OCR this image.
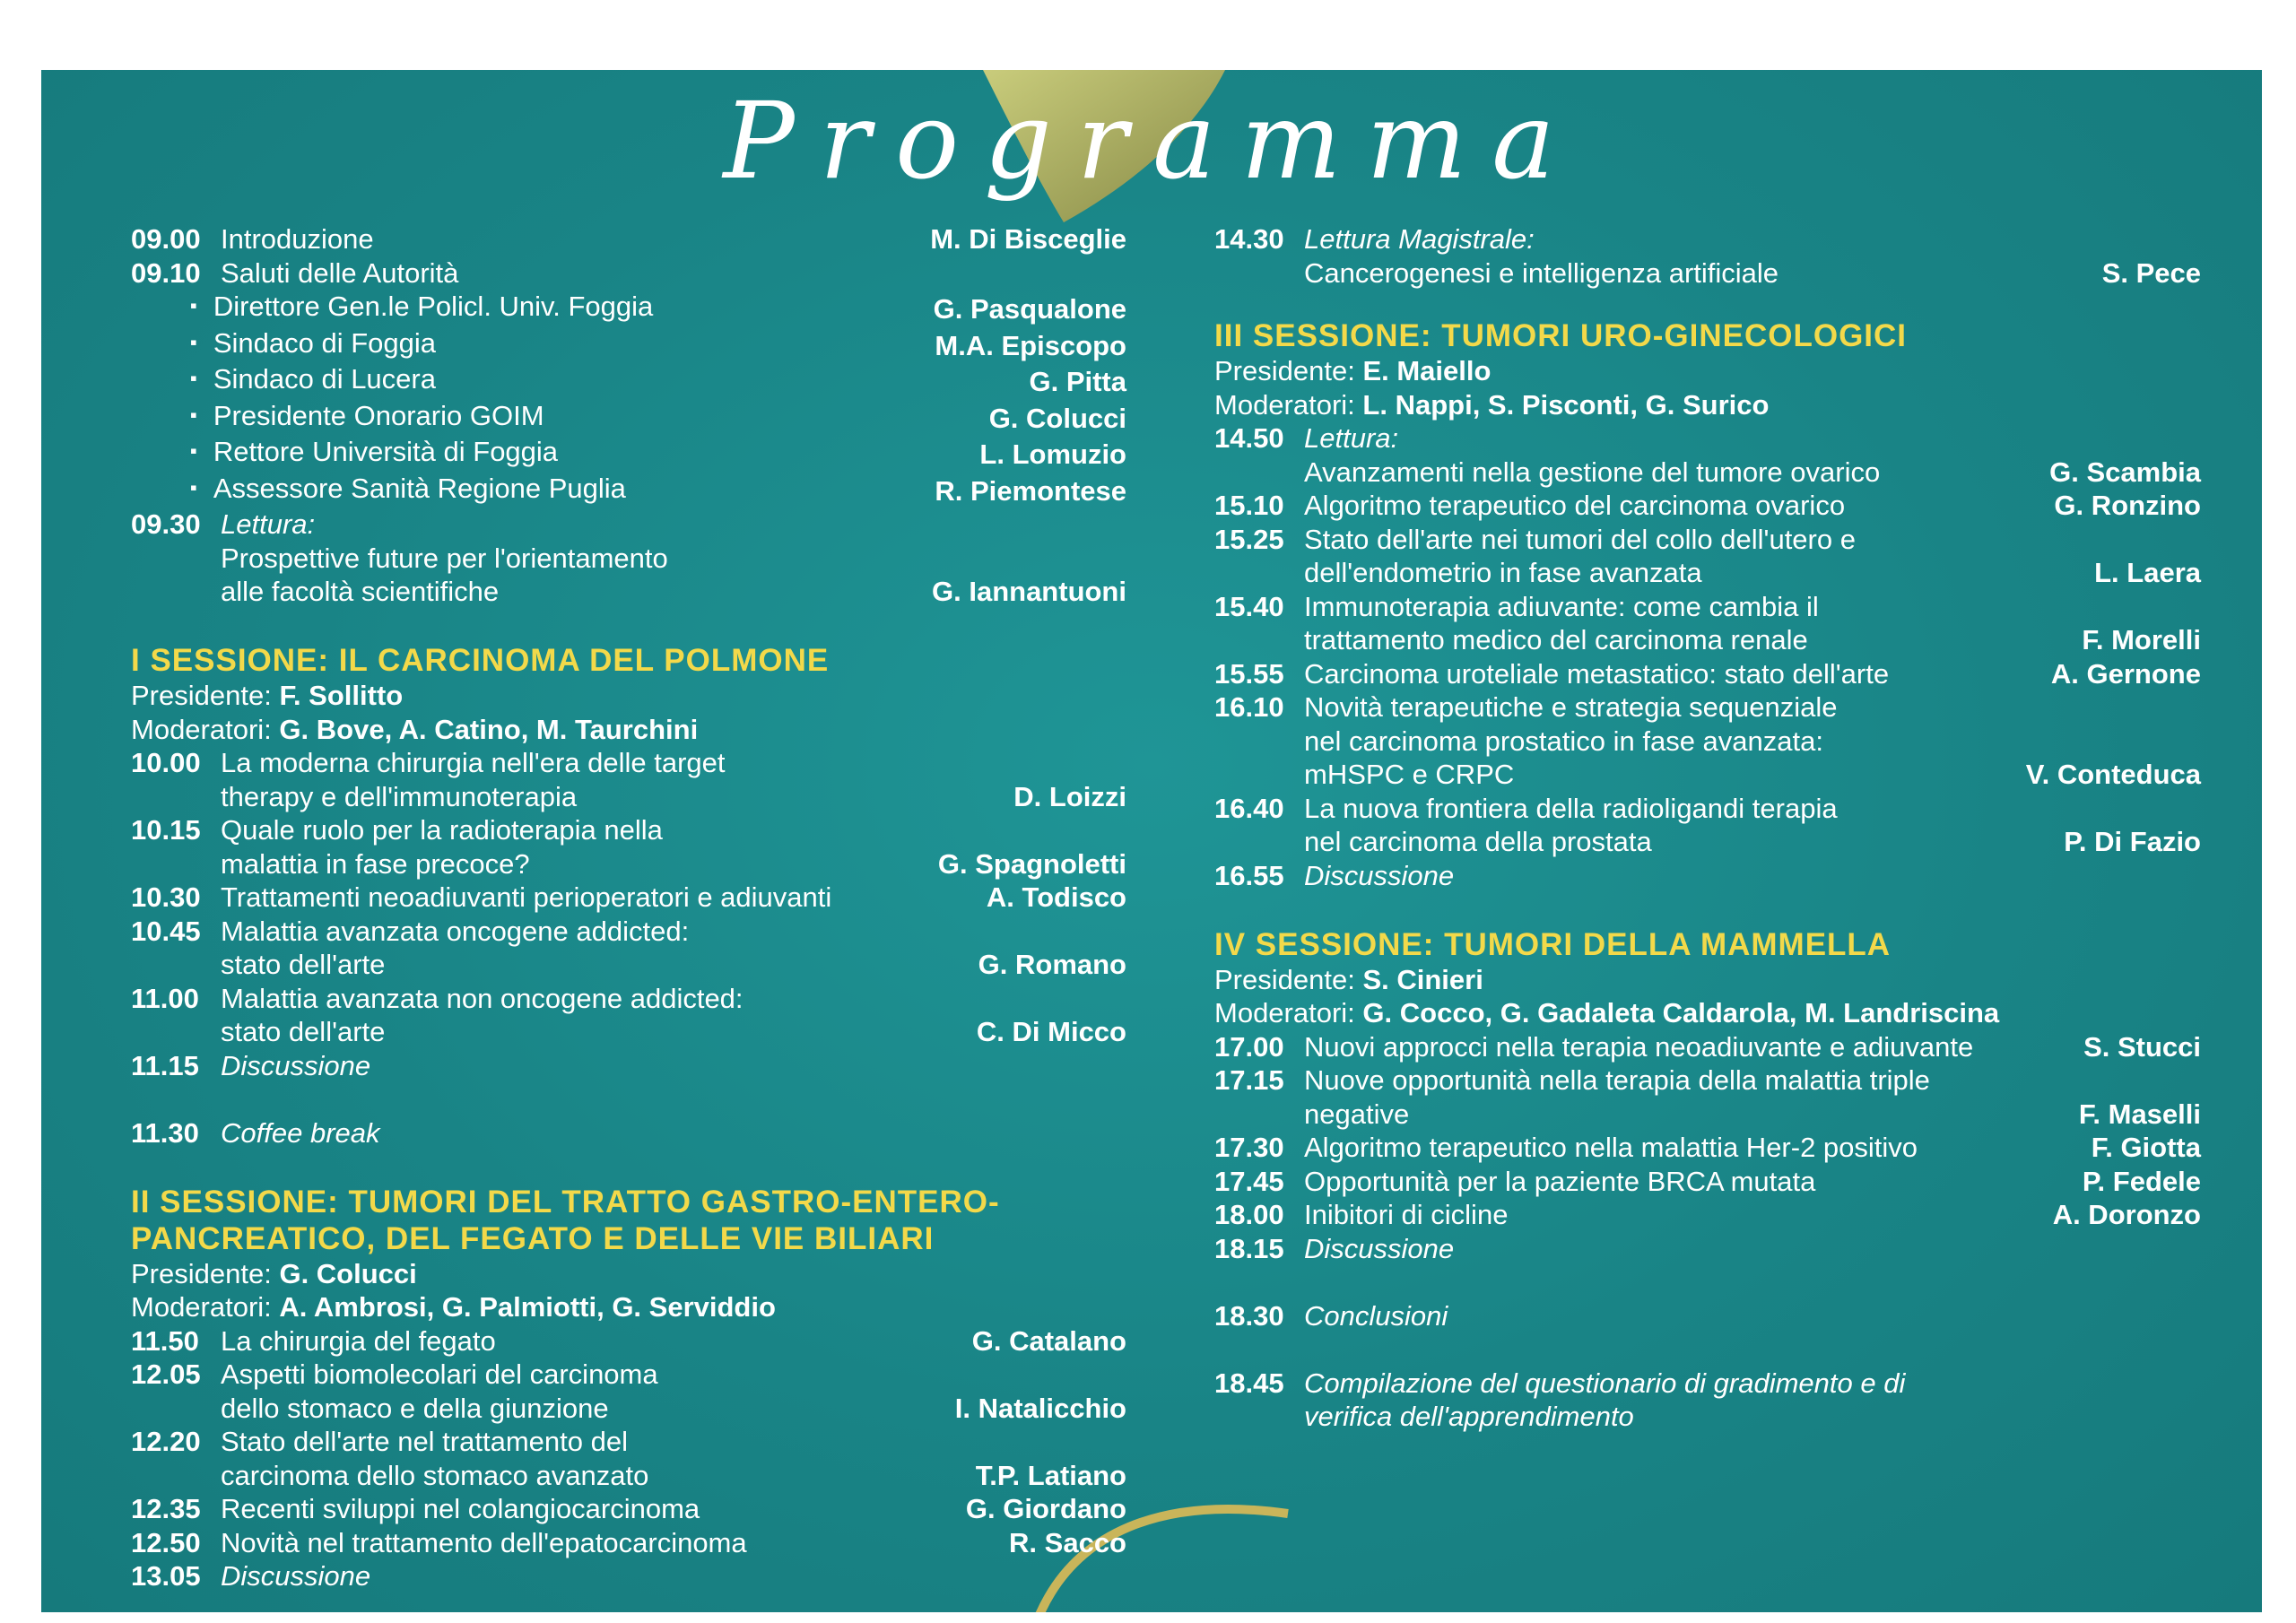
Programma
09.00 Introduzione	M. Di Bisceglie
09.10 Saluti delle Autorità
▪ Direttore Gen.le Policl. Univ. Foggia	G. Pasqualone
▪ Sindaco di Foggia	M.A. Episcopo
▪ Sindaco di Lucera	G. Pitta
▪ Presidente Onorario GOIM	G. Colucci
▪ Rettore Università di Foggia	L. Lomuzio
▪ Assessore Sanità Regione Puglia	R. Piemontese
09.30 Lettura:
Prospettive future per l'orientamento
alle facoltà scientifiche	G. Iannantuoni
I SESSIONE: IL CARCINOMA DEL POLMONE
Presidente: F. Sollitto
Moderatori: G. Bove, A. Catino, M. Taurchini
10.00 La moderna chirurgia nell'era delle target
therapy e dell'immunoterapia	D. Loizzi
10.15 Quale ruolo per la radioterapia nella
malattia in fase precoce?	G. Spagnoletti
10.30 Trattamenti neoadiuvanti perioperatori e adiuvanti	A. Todisco
10.45 Malattia avanzata oncogene addicted:
stato dell'arte	G. Romano
11.00 Malattia avanzata non oncogene addicted:
stato dell'arte	C. Di Micco
11.15 Discussione
11.30 Coffee break
II SESSIONE: TUMORI DEL TRATTO GASTRO-ENTERO-
PANCREATICO, DEL FEGATO E DELLE VIE BILIARI
Presidente: G. Colucci
Moderatori: A. Ambrosi, G. Palmiotti, G. Serviddio
11.50 La chirurgia del fegato	G. Catalano
12.05 Aspetti biomolecolari del carcinoma
dello stomaco e della giunzione	I. Natalicchio
12.20 Stato dell'arte nel trattamento del
carcinoma dello stomaco avanzato	T.P. Latiano
12.35 Recenti sviluppi nel colangiocarcinoma	G. Giordano
12.50 Novità nel trattamento dell'epatocarcinoma	R. Sacco
13.05 Discussione
14.30 Lettura Magistrale:
Cancerogenesi e intelligenza artificiale	S. Pece
III SESSIONE: TUMORI URO-GINECOLOGICI
Presidente: E. Maiello
Moderatori: L. Nappi, S. Pisconti, G. Surico
14.50 Lettura:
Avanzamenti nella gestione del tumore ovarico	G. Scambia
15.10 Algoritmo terapeutico del carcinoma ovarico	G. Ronzino
15.25 Stato dell'arte nei tumori del collo dell'utero e
dell'endometrio in fase avanzata	L. Laera
15.40 Immunoterapia adiuvante: come cambia il
trattamento medico del carcinoma renale	F. Morelli
15.55 Carcinoma uroteliale metastatico: stato dell'arte	A. Gernone
16.10 Novità terapeutiche e strategia sequenziale
nel carcinoma prostatico in fase avanzata:
mHSPC e CRPC	V. Conteduca
16.40 La nuova frontiera della radioligandi terapia
nel carcinoma della prostata	P. Di Fazio
16.55 Discussione
IV SESSIONE: TUMORI DELLA MAMMELLA
Presidente: S. Cinieri
Moderatori: G. Cocco, G. Gadaleta Caldarola, M. Landriscina
17.00 Nuovi approcci nella terapia neoadiuvante e adiuvante	S. Stucci
17.15 Nuove opportunità nella terapia della malattia triple
negative	F. Maselli
17.30 Algoritmo terapeutico nella malattia Her-2 positivo	F. Giotta
17.45 Opportunità per la paziente BRCA mutata	P. Fedele
18.00 Inibitori di cicline	A. Doronzo
18.15 Discussione
18.30 Conclusioni
18.45 Compilazione del questionario di gradimento e di
verifica dell'apprendimento
